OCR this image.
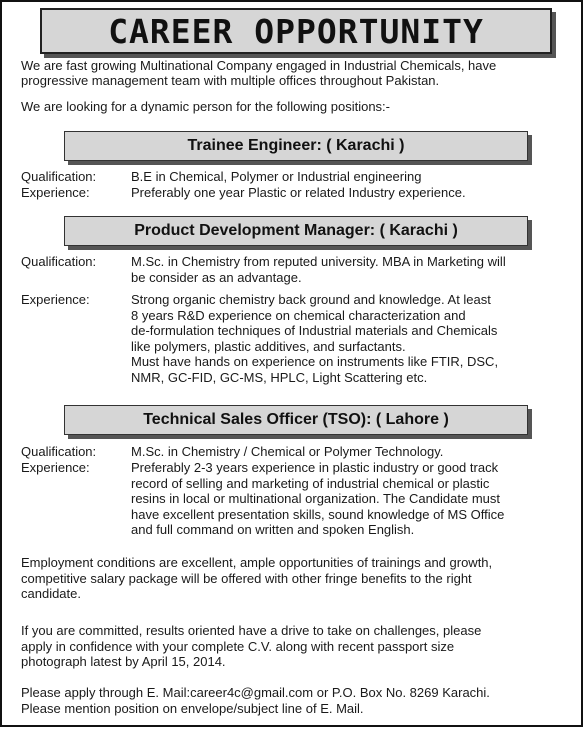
CAREER OPPORTUNITY
We are fast growing Multinational Company engaged in Industrial Chemicals, have
progressive management team with multiple offices throughout Pakistan.
We are looking for a dynamic person for the following positions:-
Trainee Engineer: ( Karachi )

Qualification:	B.E in Chemical, Polymer or Industrial engineering

Experience:	Preferably one year Plastic or related Industry experience.

Product Development Manager: ( Karachi )

Qualification:	M.Sc. in Chemistry from reputed university. MBA in Marketing will

be consider as an advantage.

Experience:	Strong organic chemistry back ground and knowledge. At least

8 years R&D experience on chemical characterization and

de-formulation techniques of Industrial materials and Chemicals

like polymers, plastic additives, and surfactants.

Must have hands on experience on instruments like FTIR, DSC,

NMR, GC-FID, GC-MS, HPLC, Light Scattering etc.

Technical Sales Officer (TSO): ( Lahore )

Qualification:	M.Sc. in Chemistry / Chemical or Polymer Technology.

Experience:	Preferably 2-3 years experience in plastic industry or good track

record of selling and marketing of industrial chemical or plastic

resins in local or multinational organization. The Candidate must

have excellent presentation skills, sound knowledge of MS Office

and full command on written and spoken English.

Employment conditions are excellent, ample opportunities of trainings and growth,

competitive salary package will be offered with other fringe benefits to the right

candidate.

If you are committed, results oriented have a drive to take on challenges, please

apply in confidence with your complete C.V. along with recent passport size

photograph latest by April 15, 2014.

Please apply through E. Mail:career4c@gmail.com or P.O. Box No. 8269 Karachi.

Please mention position on envelope/subject line of E. Mail.
